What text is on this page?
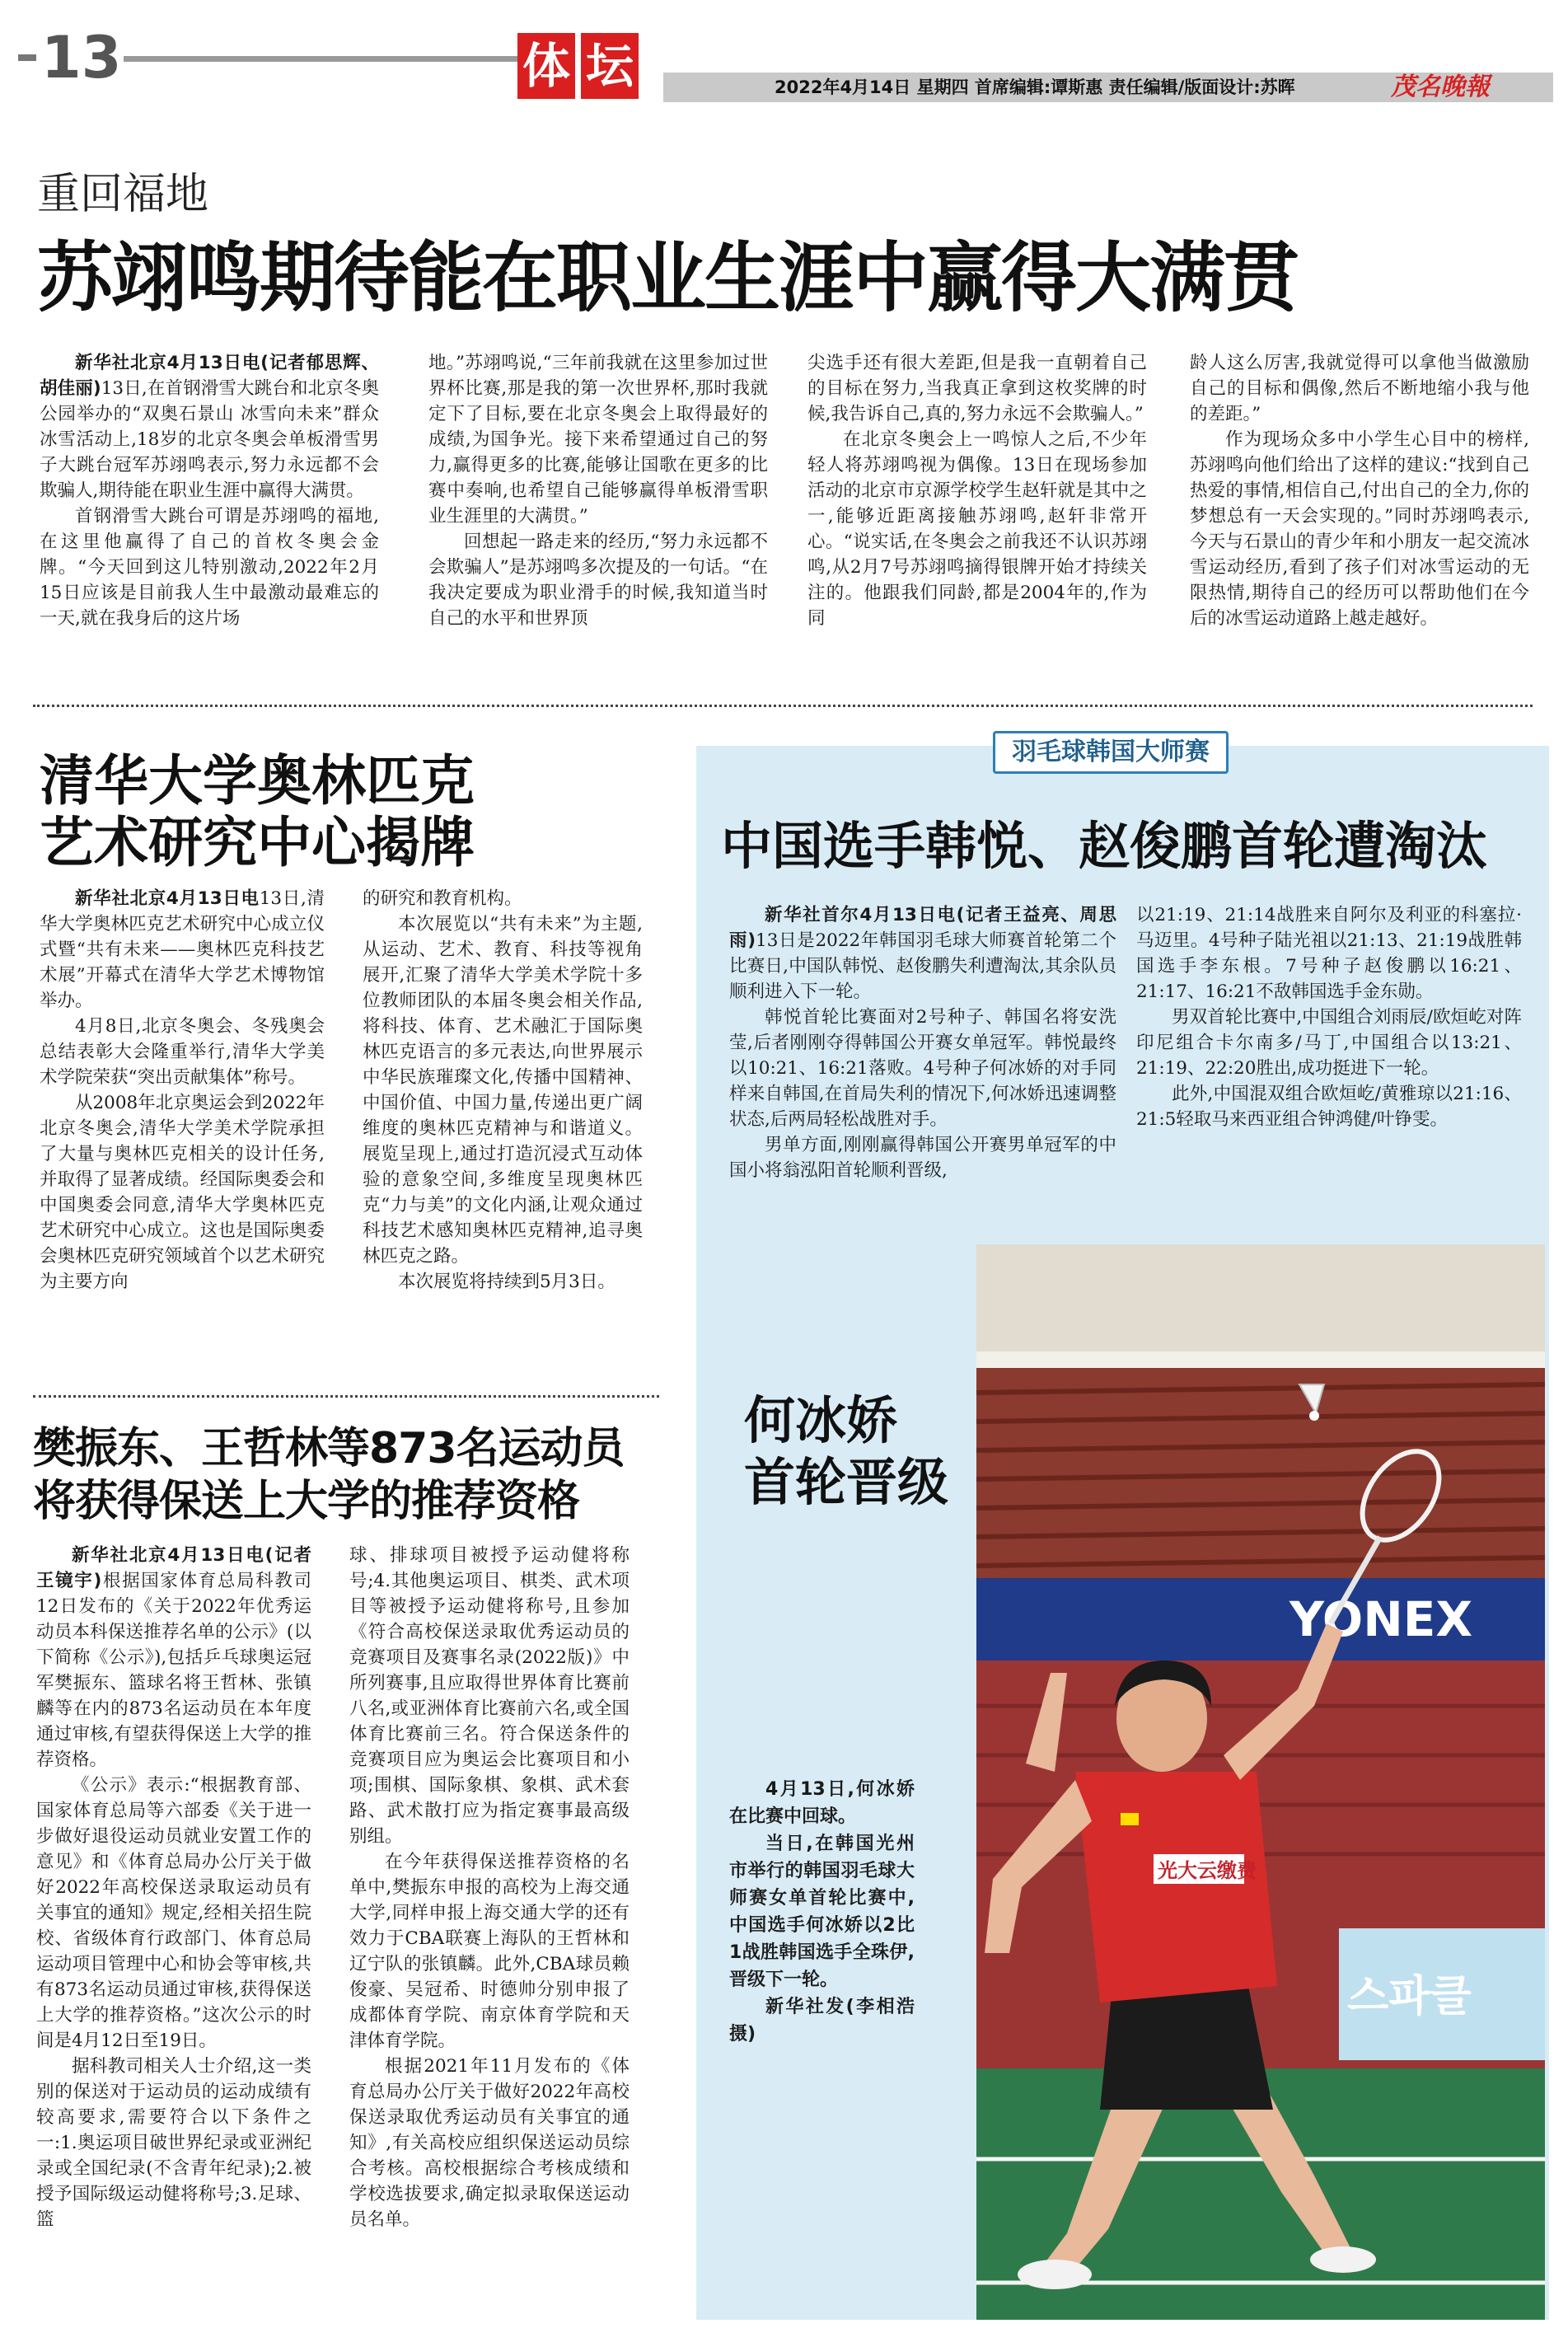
13	体 坛	2022年4月14日 星期四 首席编辑:谭斯惠 责任编辑/版面设计:苏晖	茂名晚報
重回福地
苏翊鸣期待能在职业生涯中赢得大满贯

新华社北京4月13日电(记者郁思辉、胡佳丽)13日,在首钢滑雪大跳台和北京冬奥公园举办的“双奥石景山 冰雪向未来”群众冰雪活动上,18岁的北京冬奥会单板滑雪男子大跳台冠军苏翊鸣表示,努力永远都不会欺骗人,期待能在职业生涯中赢得大满贯。

首钢滑雪大跳台可谓是苏翊鸣的福地,在这里他赢得了自己的首枚冬奥会金牌。“今天回到这儿特别激动,2022年2月15日应该是目前我人生中最激动最难忘的一天,就在我身后的这片场

地。”苏翊鸣说,“三年前我就在这里参加过世界杯比赛,那是我的第一次世界杯,那时我就定下了目标,要在北京冬奥会上取得最好的成绩,为国争光。接下来希望通过自己的努力,赢得更多的比赛,能够让国歌在更多的比赛中奏响,也希望自己能够赢得单板滑雪职业生涯里的大满贯。”

回想起一路走来的经历,“努力永远都不会欺骗人”是苏翊鸣多次提及的一句话。“在我决定要成为职业滑手的时候,我知道当时自己的水平和世界顶

尖选手还有很大差距,但是我一直朝着自己的目标在努力,当我真正拿到这枚奖牌的时候,我告诉自己,真的,努力永远不会欺骗人。”

在北京冬奥会上一鸣惊人之后,不少年轻人将苏翊鸣视为偶像。13日在现场参加活动的北京市京源学校学生赵轩就是其中之一,能够近距离接触苏翊鸣,赵轩非常开心。“说实话,在冬奥会之前我还不认识苏翊鸣,从2月7号苏翊鸣摘得银牌开始才持续关注的。他跟我们同龄,都是2004年的,作为同

龄人这么厉害,我就觉得可以拿他当做激励自己的目标和偶像,然后不断地缩小我与他的差距。”

作为现场众多中小学生心目中的榜样,苏翊鸣向他们给出了这样的建议:“找到自己热爱的事情,相信自己,付出自己的全力,你的梦想总有一天会实现的。”同时苏翊鸣表示,今天与石景山的青少年和小朋友一起交流冰雪运动经历,看到了孩子们对冰雪运动的无限热情,期待自己的经历可以帮助他们在今后的冰雪运动道路上越走越好。

清华大学奥林匹克
艺术研究中心揭牌

新华社北京4月13日电13日,清华大学奥林匹克艺术研究中心成立仪式暨“共有未来——奥林匹克科技艺术展”开幕式在清华大学艺术博物馆举办。

4月8日,北京冬奥会、冬残奥会总结表彰大会隆重举行,清华大学美术学院荣获“突出贡献集体”称号。

从2008年北京奥运会到2022年北京冬奥会,清华大学美术学院承担了大量与奥林匹克相关的设计任务,并取得了显著成绩。经国际奥委会和中国奥委会同意,清华大学奥林匹克艺术研究中心成立。这也是国际奥委会奥林匹克研究领域首个以艺术研究为主要方向

的研究和教育机构。

本次展览以“共有未来”为主题,从运动、艺术、教育、科技等视角展开,汇聚了清华大学美术学院十多位教师团队的本届冬奥会相关作品,将科技、体育、艺术融汇于国际奥林匹克语言的多元表达,向世界展示中华民族璀璨文化,传播中国精神、中国价值、中国力量,传递出更广阔维度的奥林匹克精神与和谐道义。展览呈现上,通过打造沉浸式互动体验的意象空间,多维度呈现奥林匹克“力与美”的文化内涵,让观众通过科技艺术感知奥林匹克精神,追寻奥林匹克之路。

本次展览将持续到5月3日。

樊振东、王哲林等873名运动员
将获得保送上大学的推荐资格

新华社北京4月13日电(记者王镜宇)根据国家体育总局科教司12日发布的《关于2022年优秀运动员本科保送推荐名单的公示》(以下简称《公示》),包括乒乓球奥运冠军樊振东、篮球名将王哲林、张镇麟等在内的873名运动员在本年度通过审核,有望获得保送上大学的推荐资格。

《公示》表示:“根据教育部、国家体育总局等六部委《关于进一步做好退役运动员就业安置工作的意见》和《体育总局办公厅关于做好2022年高校保送录取运动员有关事宜的通知》规定,经相关招生院校、省级体育行政部门、体育总局运动项目管理中心和协会等审核,共有873名运动员通过审核,获得保送上大学的推荐资格。”这次公示的时间是4月12日至19日。

据科教司相关人士介绍,这一类别的保送对于运动员的运动成绩有较高要求,需要符合以下条件之一:1.奥运项目破世界纪录或亚洲纪录或全国纪录(不含青年纪录);2.被授予国际级运动健将称号;3.足球、篮

球、排球项目被授予运动健将称号;4.其他奥运项目、棋类、武术项目等被授予运动健将称号,且参加《符合高校保送录取优秀运动员的竞赛项目及赛事名录(2022版)》中所列赛事,且应取得世界体育比赛前八名,或亚洲体育比赛前六名,或全国体育比赛前三名。符合保送条件的竞赛项目应为奥运会比赛项目和小项;围棋、国际象棋、象棋、武术套路、武术散打应为指定赛事最高级别组。

在今年获得保送推荐资格的名单中,樊振东申报的高校为上海交通大学,同样申报上海交通大学的还有效力于CBA联赛上海队的王哲林和辽宁队的张镇麟。此外,CBA球员赖俊豪、吴冠希、时德帅分别申报了成都体育学院、南京体育学院和天津体育学院。

根据2021年11月发布的《体育总局办公厅关于做好2022年高校保送录取优秀运动员有关事宜的通知》,有关高校应组织保送运动员综合考核。高校根据综合考核成绩和学校选拔要求,确定拟录取保送运动员名单。

羽毛球韩国大师赛
中国选手韩悦、赵俊鹏首轮遭淘汰

新华社首尔4月13日电(记者王益亮、周思雨)13日是2022年韩国羽毛球大师赛首轮第二个比赛日,中国队韩悦、赵俊鹏失利遭淘汰,其余队员顺利进入下一轮。

韩悦首轮比赛面对2号种子、韩国名将安洗莹,后者刚刚夺得韩国公开赛女单冠军。韩悦最终以10:21、16:21落败。4号种子何冰娇的对手同样来自韩国,在首局失利的情况下,何冰娇迅速调整状态,后两局轻松战胜对手。

男单方面,刚刚赢得韩国公开赛男单冠军的中国小将翁泓阳首轮顺利晋级,

以21:19、21:14战胜来自阿尔及利亚的科塞拉·马迈里。4号种子陆光祖以21:13、21:19战胜韩国选手李东根。7号种子赵俊鹏以16:21、21:17、16:21不敌韩国选手金东勋。

男双首轮比赛中,中国组合刘雨辰/欧烜屹对阵印尼组合卡尔南多/马丁,中国组合以13:21、21:19、22:20胜出,成功挺进下一轮。

此外,中国混双组合欧烜屹/黄雅琼以21:16、21:5轻取马来西亚组合钟鸿健/叶铮雯。

何冰娇
首轮晋级

4月13日,何冰娇在比赛中回球。

当日,在韩国光州市举行的韩国羽毛球大师赛女单首轮比赛中,中国选手何冰娇以2比1战胜韩国选手全珠伊,晋级下一轮。

新华社发(李相浩摄)

YONEX
스파클
光大云缴费
